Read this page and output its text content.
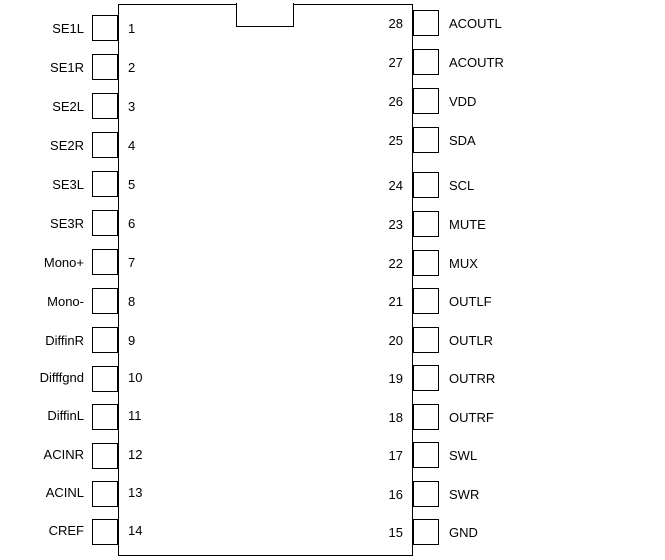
1
SE1L
2
SE1R
3
SE2L
4
SE2R
5
SE3L
6
SE3R
7
Mono+
8
Mono-
9
DiffinR
10
Difffgnd
11
DiffinL
12
ACINR
13
ACINL
14
CREF
28	ACOUTL
27	ACOUTR
26	VDD
25	SDA
24	SCL
23	MUTE
22	MUX
21	OUTLF
20	OUTLR
19	OUTRR
18	OUTRF
17	SWL
16	SWR
15	GND
